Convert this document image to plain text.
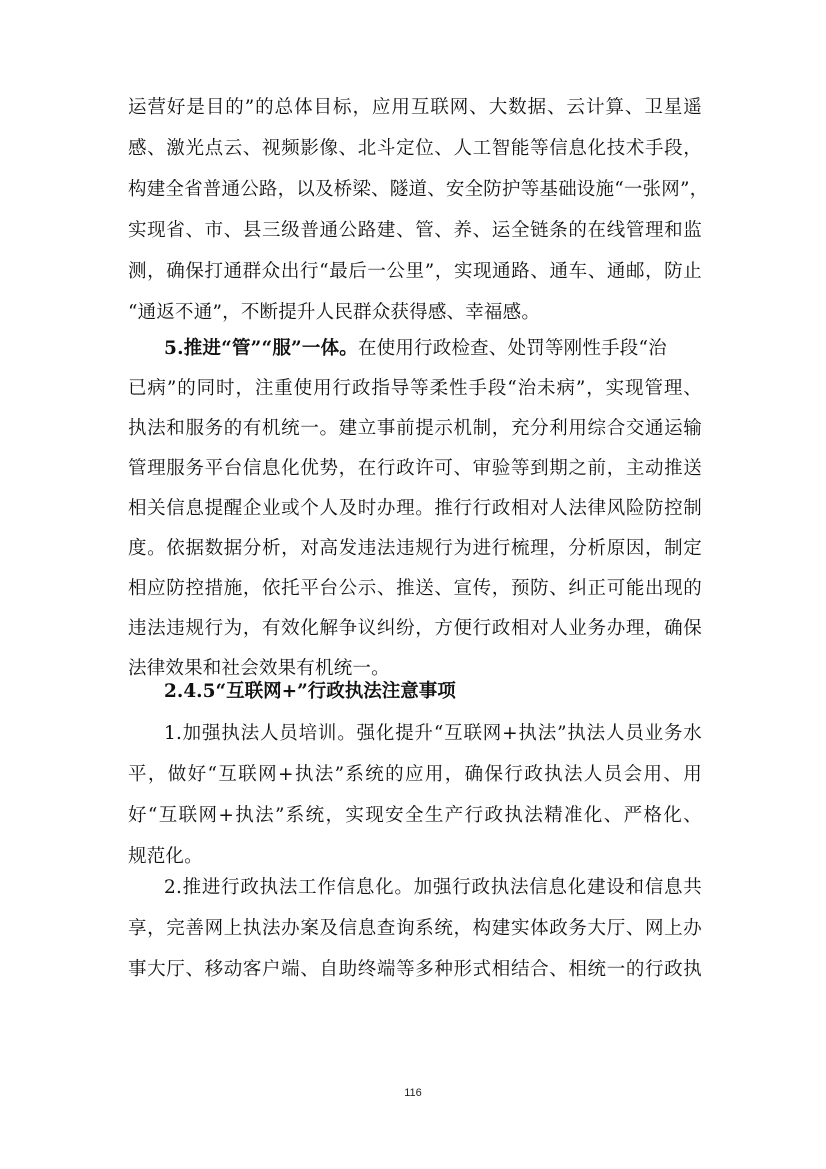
运营好是目的”的总体目标，应用互联网、大数据、云计算、卫星遥
感、激光点云、视频影像、北斗定位、人工智能等信息化技术手段，
构建全省普通公路，以及桥梁、隧道、安全防护等基础设施“一张网”，
实现省、市、县三级普通公路建、管、养、运全链条的在线管理和监
测，确保打通群众出行“最后一公里”，实现通路、通车、通邮，防止
“通返不通”，不断提升人民群众获得感、幸福感。
5.推进“管”“服”一体。在使用行政检查、处罚等刚性手段“治
已病”的同时，注重使用行政指导等柔性手段“治未病”，实现管理、
执法和服务的有机统一。建立事前提示机制，充分利用综合交通运输
管理服务平台信息化优势，在行政许可、审验等到期之前，主动推送
相关信息提醒企业或个人及时办理。推行行政相对人法律风险防控制
度。依据数据分析，对高发违法违规行为进行梳理，分析原因，制定
相应防控措施，依托平台公示、推送、宣传，预防、纠正可能出现的
违法违规行为，有效化解争议纠纷，方便行政相对人业务办理，确保
法律效果和社会效果有机统一。
2.4.5“互联网+”行政执法注意事项
1.加强执法人员培训。强化提升“互联网+执法”执法人员业务水
平，做好“互联网+执法”系统的应用，确保行政执法人员会用、用
好“互联网+执法”系统，实现安全生产行政执法精准化、严格化、
规范化。
2.推进行政执法工作信息化。加强行政执法信息化建设和信息共
享，完善网上执法办案及信息查询系统，构建实体政务大厅、网上办
事大厅、移动客户端、自助终端等多种形式相结合、相统一的行政执
116
